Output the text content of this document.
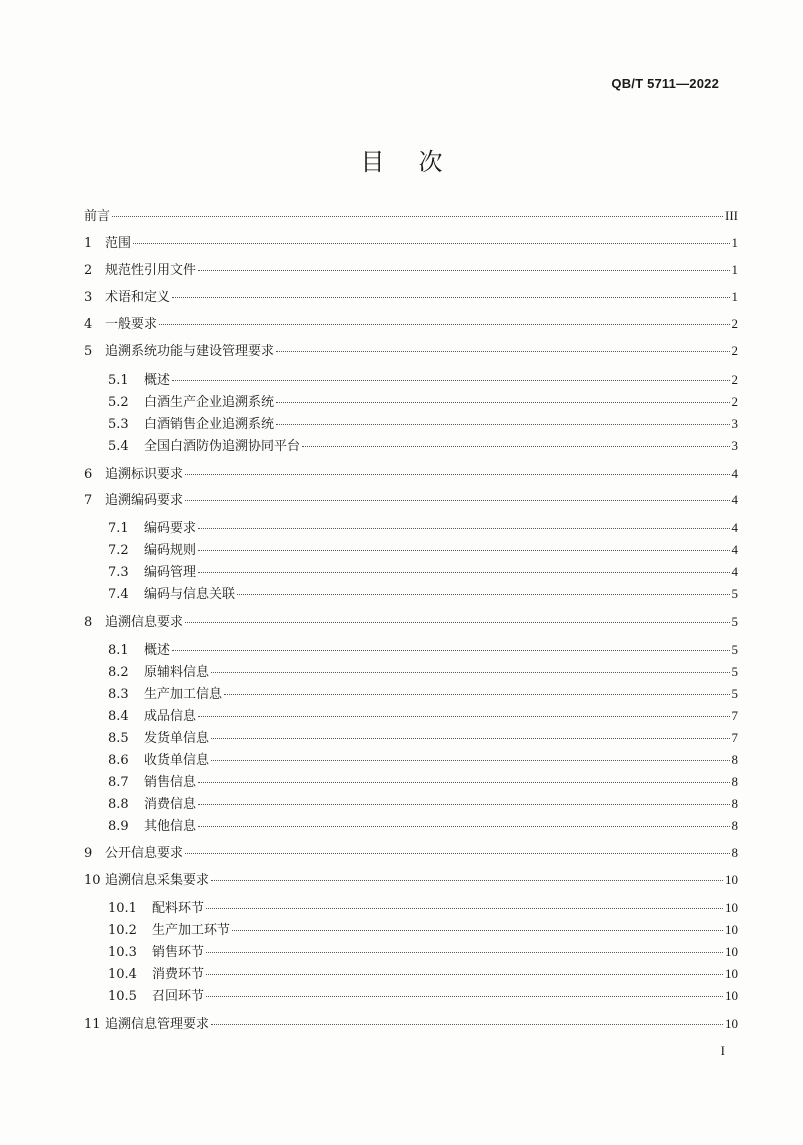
QB/T 5711—2022
目次
前言	III
1 范围	1
2 规范性引用文件	1
3 术语和定义	1
4 一般要求	2
5 追溯系统功能与建设管理要求	2
5.1	概述	2
5.2	白酒生产企业追溯系统	2
5.3	白酒销售企业追溯系统	3
5.4	全国白酒防伪追溯协同平台	3
6 追溯标识要求	4
7 追溯编码要求	4
7.1	编码要求	4
7.2	编码规则	4
7.3	编码管理	4
7.4	编码与信息关联	5
8 追溯信息要求	5
8.1	概述	5
8.2	原辅料信息	5
8.3	生产加工信息	5
8.4	成品信息	7
8.5	发货单信息	7
8.6	收货单信息	8
8.7	销售信息	8
8.8	消费信息	8
8.9	其他信息	8
9 公开信息要求	8
10 追溯信息采集要求	10
10.1	配料环节	10
10.2	生产加工环节	10
10.3	销售环节	10
10.4	消费环节	10
10.5	召回环节	10
11 追溯信息管理要求	10
I
